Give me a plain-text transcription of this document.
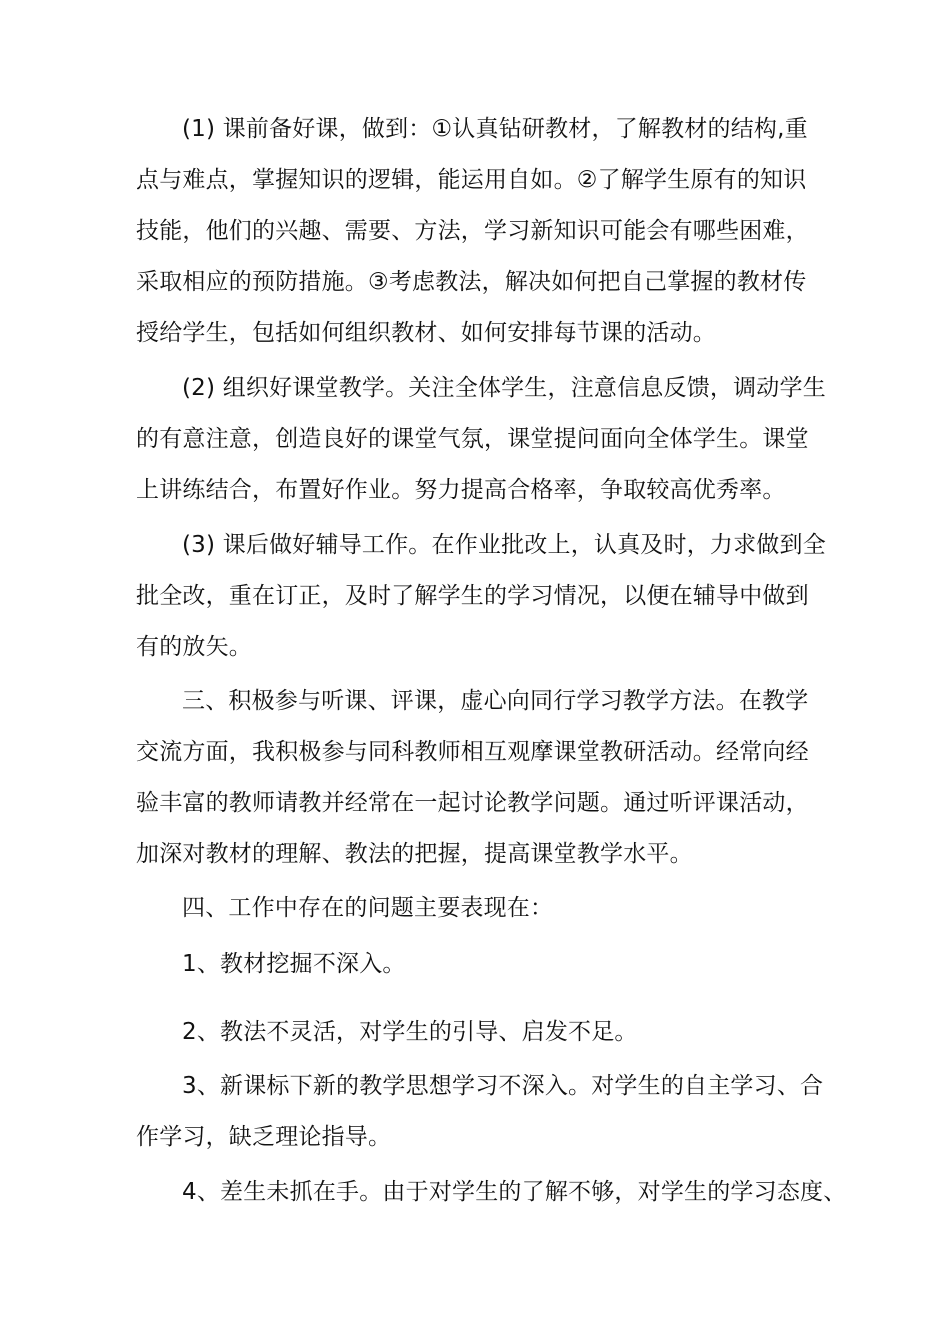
(1) 课前备好课，做到：①认真钻研教材，了解教材的结构,重
点与难点，掌握知识的逻辑，能运用自如。②了解学生原有的知识
技能，他们的兴趣、需要、方法，学习新知识可能会有哪些困难，
采取相应的预防措施。③考虑教法，解决如何把自己掌握的教材传
授给学生，包括如何组织教材、如何安排每节课的活动。
(2) 组织好课堂教学。关注全体学生，注意信息反馈，调动学生
的有意注意，创造良好的课堂气氛，课堂提问面向全体学生。课堂
上讲练结合，布置好作业。努力提高合格率，争取较高优秀率。
(3) 课后做好辅导工作。在作业批改上，认真及时，力求做到全
批全改，重在订正，及时了解学生的学习情况，以便在辅导中做到
有的放矢。
三、积极参与听课、评课，虚心向同行学习教学方法。在教学
交流方面，我积极参与同科教师相互观摩课堂教研活动。经常向经
验丰富的教师请教并经常在一起讨论教学问题。通过听评课活动，
加深对教材的理解、教法的把握，提高课堂教学水平。
四、工作中存在的问题主要表现在：
1、教材挖掘不深入。
2、教法不灵活，对学生的引导、启发不足。
3、新课标下新的教学思想学习不深入。对学生的自主学习、合
作学习，缺乏理论指导。
4、差生未抓在手。由于对学生的了解不够，对学生的学习态度、
